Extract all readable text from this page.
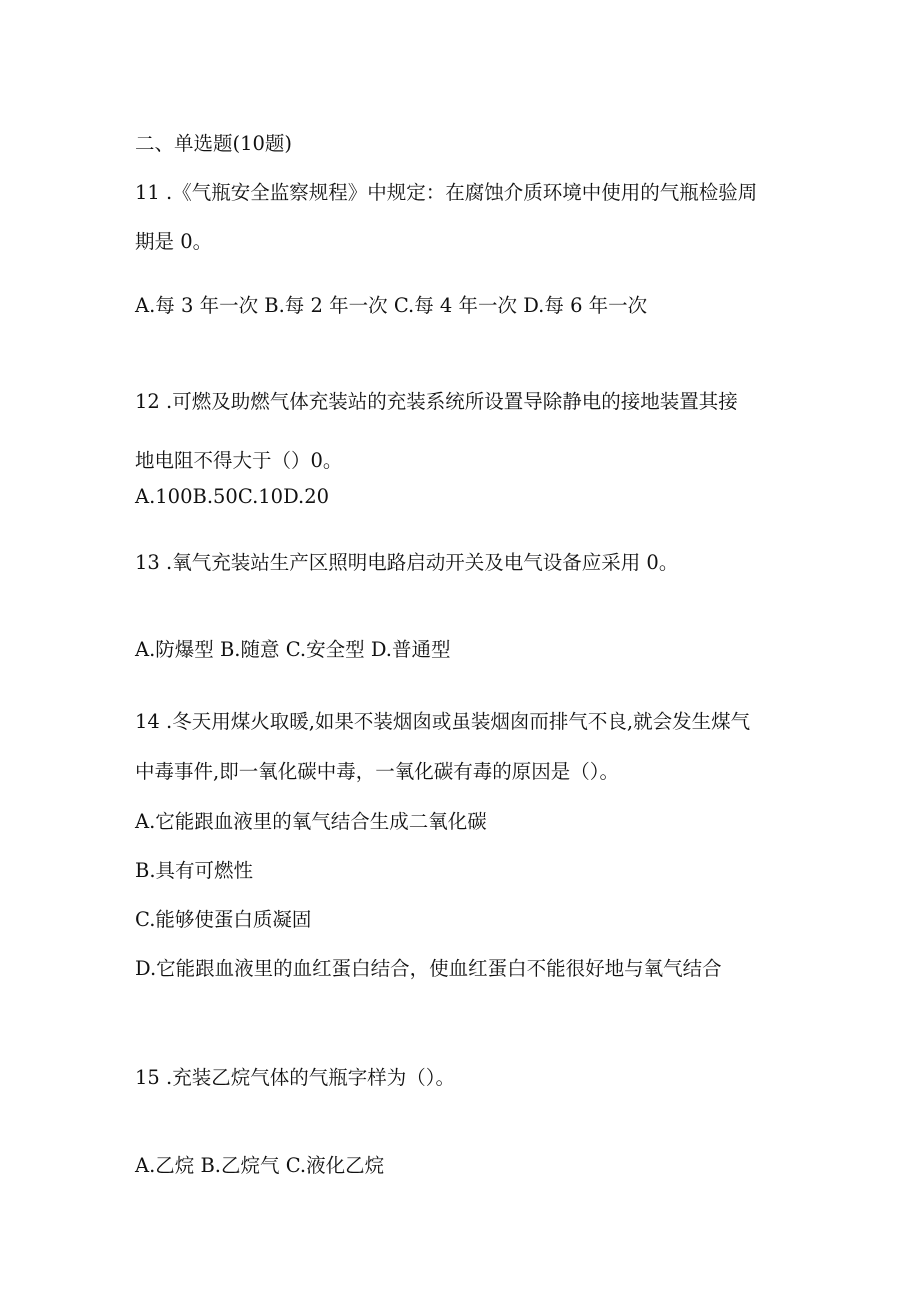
二、单选题(10题)
11 .《气瓶安全监察规程》中规定：在腐蚀介质环境中使用的气瓶检验周
期是 0。
A.每 3 年一次 B.每 2 年一次 C.每 4 年一次 D.每 6 年一次
12 .可燃及助燃气体充装站的充装系统所设置导除静电的接地装置其接
地电阻不得大于（）0。
A.100B.50C.10D.20
13 .氧气充装站生产区照明电路启动开关及电气设备应采用 0。
A.防爆型 B.随意 C.安全型 D.普通型
14 .冬天用煤火取暖,如果不装烟囱或虽装烟囱而排气不良,就会发生煤气
中毒事件,即一氧化碳中毒，一氧化碳有毒的原因是（）。
A.它能跟血液里的氧气结合生成二氧化碳
B.具有可燃性
C.能够使蛋白质凝固
D.它能跟血液里的血红蛋白结合，使血红蛋白不能很好地与氧气结合
15 .充装乙烷气体的气瓶字样为（）。
A.乙烷 B.乙烷气 C.液化乙烷
